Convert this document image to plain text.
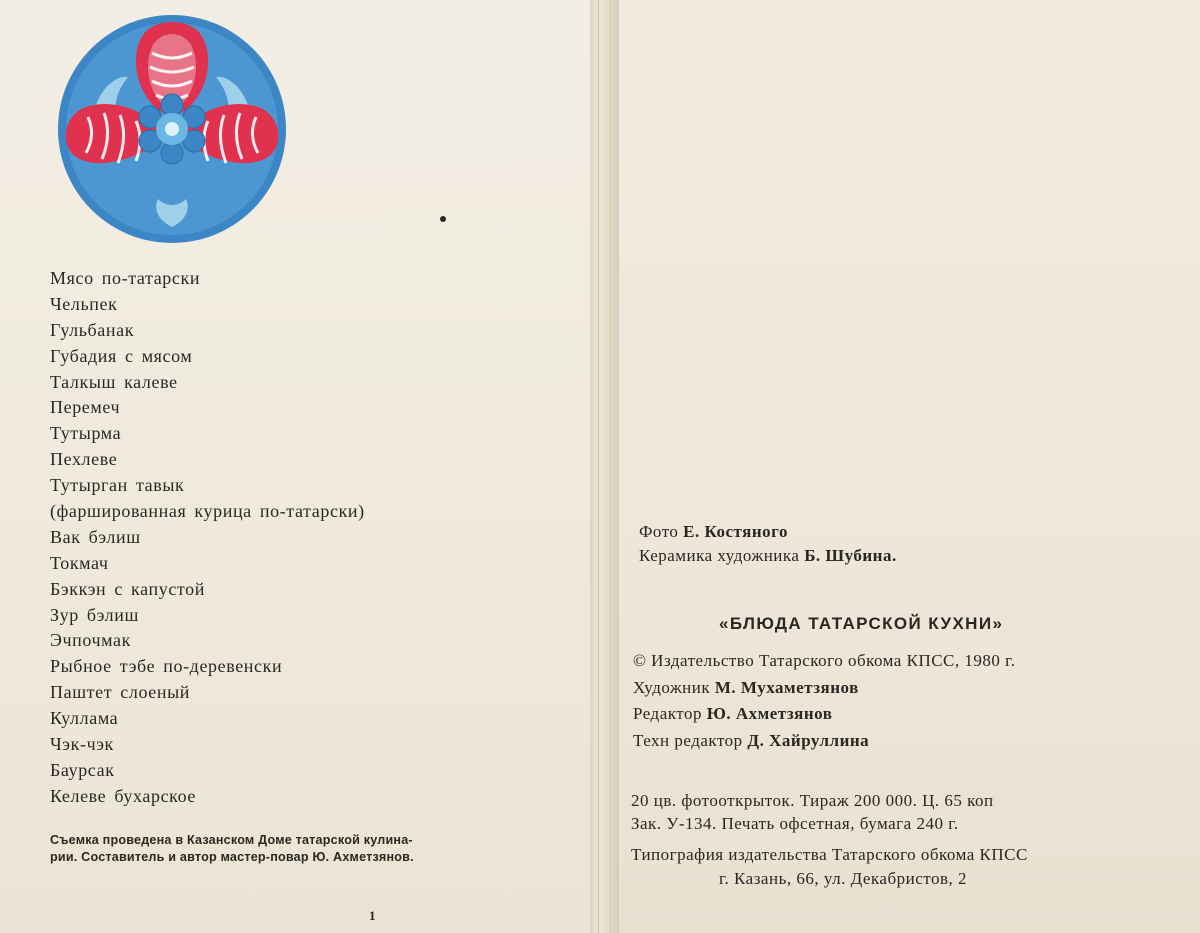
Мясо по-татарски
Чельпек
Гульбанак
Губадия с мясом
Талкыш калеве
Перемеч
Тутырма
Пехлеве
Тутырган тавык
(фаршированная курица по-татарски)
Вак бэлиш
Токмач
Бэккэн с капустой
Зур бэлиш
Эчпочмак
Рыбное тэбе по-деревенски
Паштет слоеный
Куллама
Чэк-чэк
Баурсак
Келеве бухарское
Съемка проведена в Казанском Доме татарской кулина-
рии. Составитель и автор мастер-повар Ю. Ахметзянов.
1
Фото Е. Костяного
Керамика художника Б. Шубина.
«БЛЮДА ТАТАРСКОЙ КУХНИ»
© Издательство Татарского обкома КПСС, 1980 г.
Художник М. Мухаметзянов
Редактор Ю. Ахметзянов
Техн редактор Д. Хайруллина
20 цв. фотооткрыток. Тираж 200 000. Ц. 65 коп
Зак. У-134. Печать офсетная, бумага 240 г.
Типография издательства Татарского обкома КПСС
г. Казань, 66, ул. Декабристов, 2
